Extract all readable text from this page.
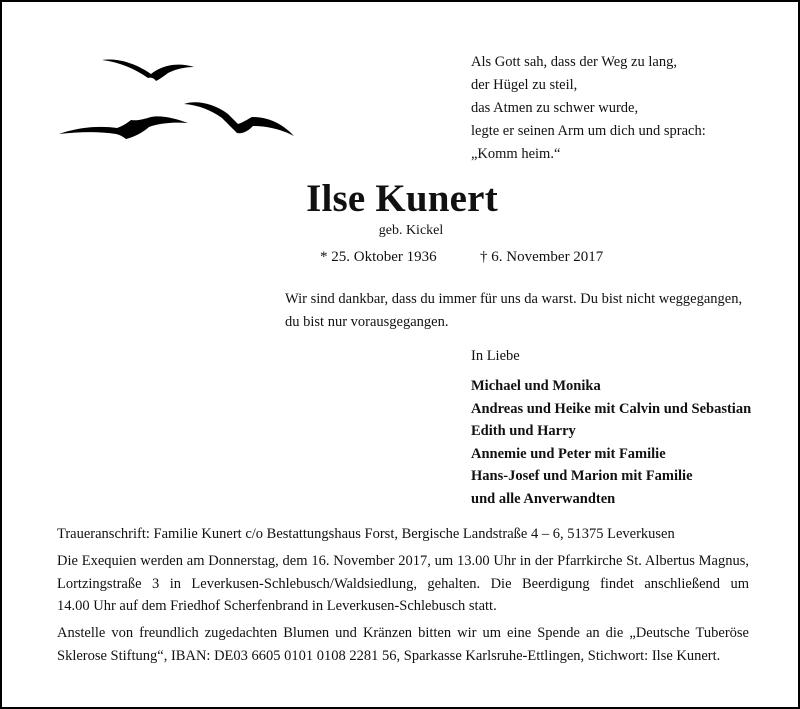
Als Gott sah, dass der Weg zu lang,
der Hügel zu steil,
das Atmen zu schwer wurde,
legte er seinen Arm um dich und sprach:
„Komm heim.“
Ilse Kunert
geb. Kickel
* 25. Oktober 1936	† 6. November 2017
Wir sind dankbar, dass du immer für uns da warst. Du bist nicht weggegangen,
du bist nur vorausgegangen.
In Liebe
Michael und Monika
Andreas und Heike mit Calvin und Sebastian
Edith und Harry
Annemie und Peter mit Familie
Hans-Josef und Marion mit Familie
und alle Anverwandten
Traueranschrift: Familie Kunert c/o Bestattungshaus Forst, Bergische Landstraße 4 – 6, 51375 Leverkusen
Die Exequien werden am Donnerstag, dem 16. November 2017, um 13.00 Uhr in der Pfarrkirche St. Albertus Magnus,
Lortzingstraße 3 in Leverkusen-Schlebusch/Waldsiedlung, gehalten. Die Beerdigung findet anschließend um
14.00 Uhr auf dem Friedhof Scherfenbrand in Leverkusen-Schlebusch statt.
Anstelle von freundlich zugedachten Blumen und Kränzen bitten wir um eine Spende an die „Deutsche Tuberöse
Sklerose Stiftung“, IBAN: DE03 6605 0101 0108 2281 56, Sparkasse Karlsruhe-Ettlingen, Stichwort: Ilse Kunert.
